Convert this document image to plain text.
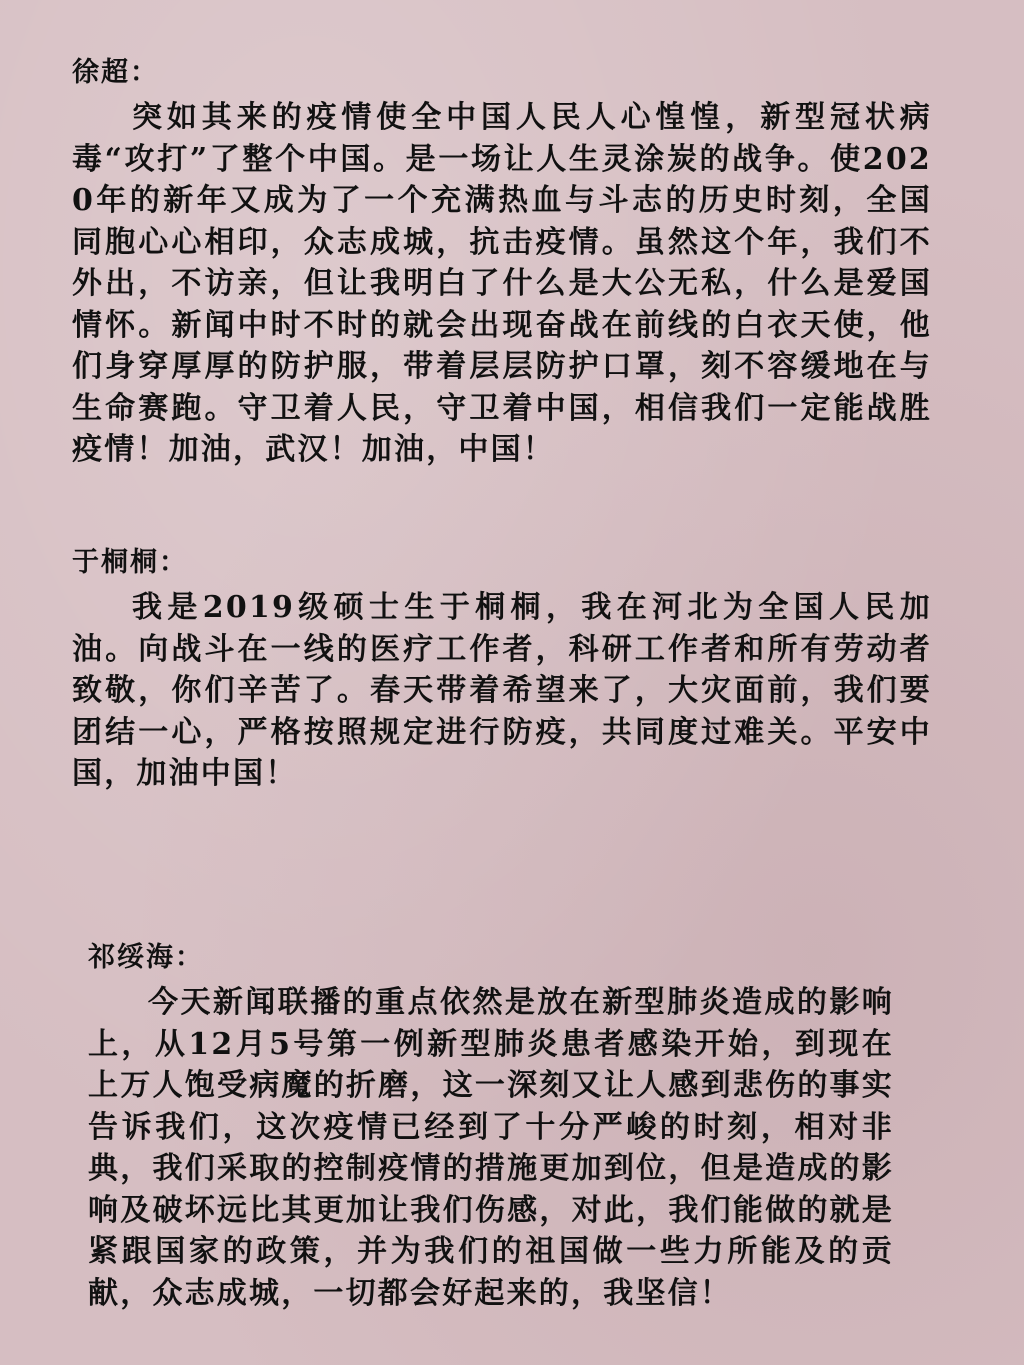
徐超：

突如其来的疫情使全中国人民人心惶惶，新型冠状病毒“攻打”了整个中国。是一场让人生灵涂炭的战争。使2020年的新年又成为了一个充满热血与斗志的历史时刻，全国同胞心心相印，众志成城，抗击疫情。虽然这个年，我们不外出，不访亲，但让我明白了什么是大公无私，什么是爱国情怀。新闻中时不时的就会出现奋战在前线的白衣天使，他们身穿厚厚的防护服，带着层层防护口罩，刻不容缓地在与生命赛跑。守卫着人民，守卫着中国，相信我们一定能战胜疫情！加油，武汉！加油，中国！

于桐桐：

我是2019级硕士生于桐桐，我在河北为全国人民加油。向战斗在一线的医疗工作者，科研工作者和所有劳动者致敬，你们辛苦了。春天带着希望来了，大灾面前，我们要团结一心，严格按照规定进行防疫，共同度过难关。平安中国，加油中国！

祁绥海：

今天新闻联播的重点依然是放在新型肺炎造成的影响上，从12月5号第一例新型肺炎患者感染开始，到现在上万人饱受病魔的折磨，这一深刻又让人感到悲伤的事实告诉我们，这次疫情已经到了十分严峻的时刻，相对非典，我们采取的控制疫情的措施更加到位，但是造成的影响及破坏远比其更加让我们伤感，对此，我们能做的就是紧跟国家的政策，并为我们的祖国做一些力所能及的贡献，众志成城，一切都会好起来的，我坚信！
